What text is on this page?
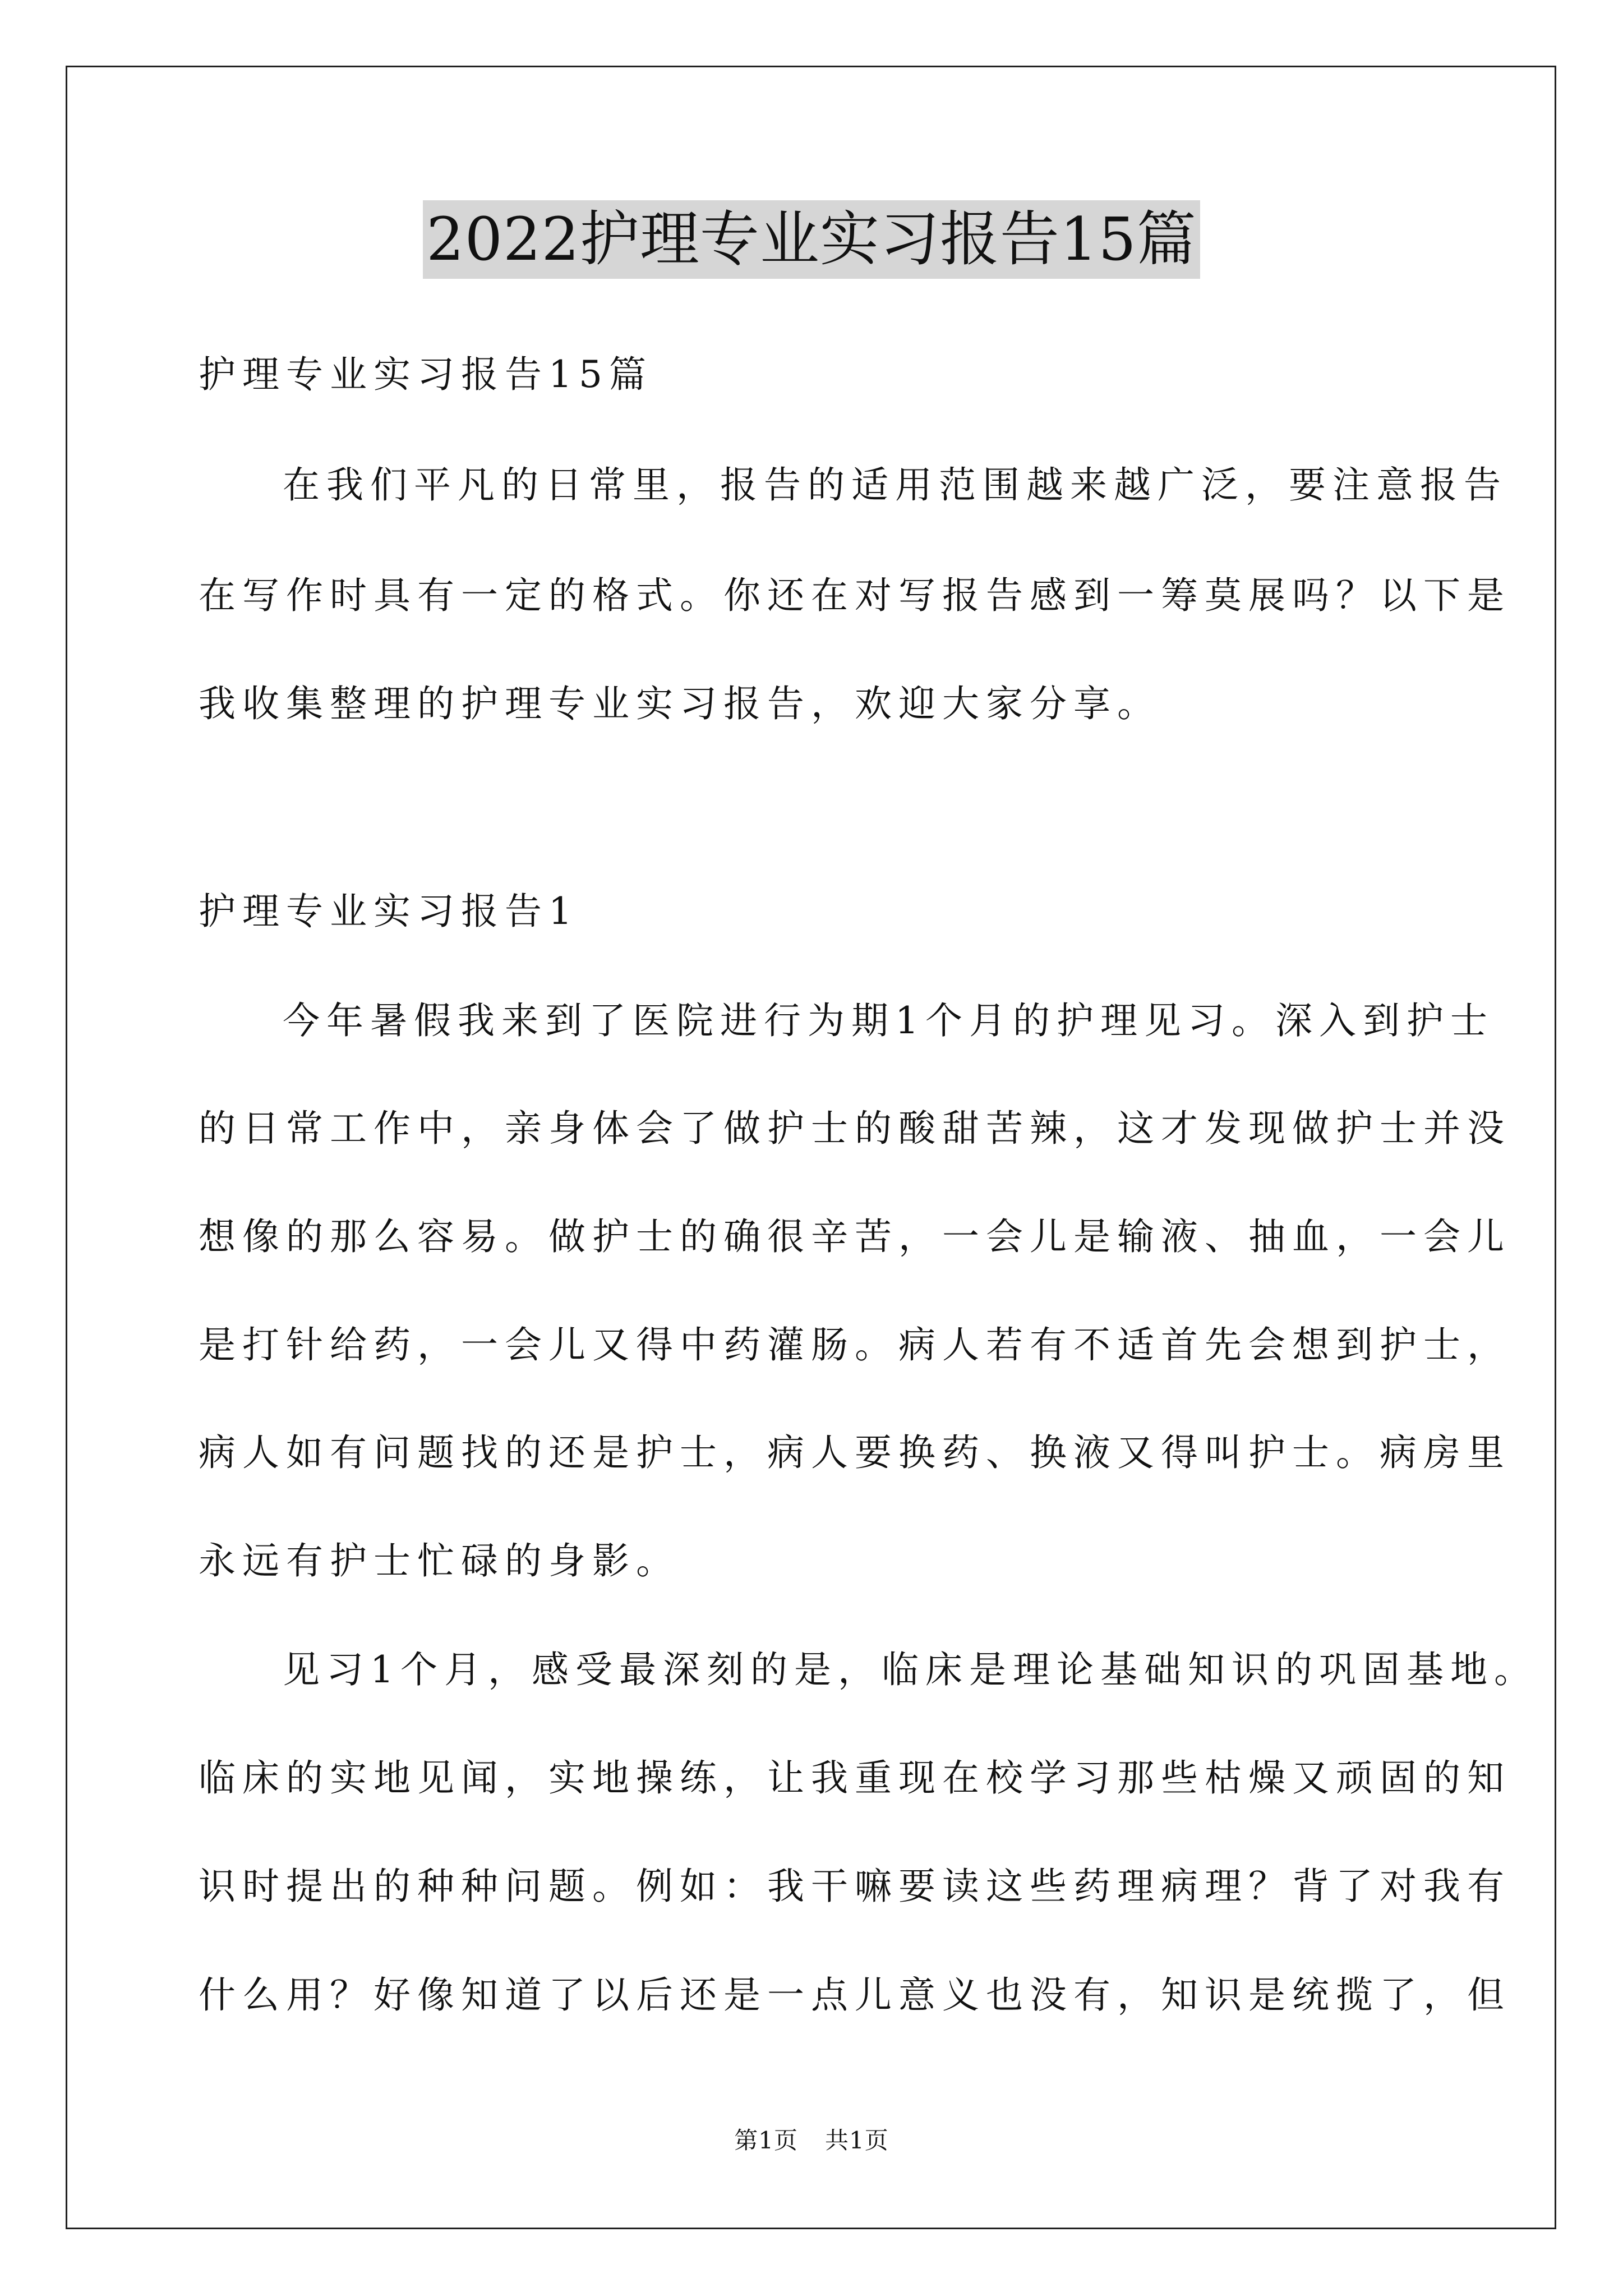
2022护理专业实习报告15篇
护理专业实习报告15篇
在我们平凡的日常里，报告的适用范围越来越广泛，要注意报告
在写作时具有一定的格式。你还在对写报告感到一筹莫展吗？以下是
我收集整理的护理专业实习报告，欢迎大家分享。
护理专业实习报告1
今年暑假我来到了医院进行为期1个月的护理见习。深入到护士
的日常工作中，亲身体会了做护士的酸甜苦辣，这才发现做护士并没
想像的那么容易。做护士的确很辛苦，一会儿是输液、抽血，一会儿
是打针给药，一会儿又得中药灌肠。病人若有不适首先会想到护士，
病人如有问题找的还是护士，病人要换药、换液又得叫护士。病房里
永远有护士忙碌的身影。
见习1个月，感受最深刻的是，临床是理论基础知识的巩固基地。
临床的实地见闻，实地操练，让我重现在校学习那些枯燥又顽固的知
识时提出的种种问题。例如：我干嘛要读这些药理病理？背了对我有
什么用？好像知道了以后还是一点儿意义也没有，知识是统揽了，但
第1页 共1页
